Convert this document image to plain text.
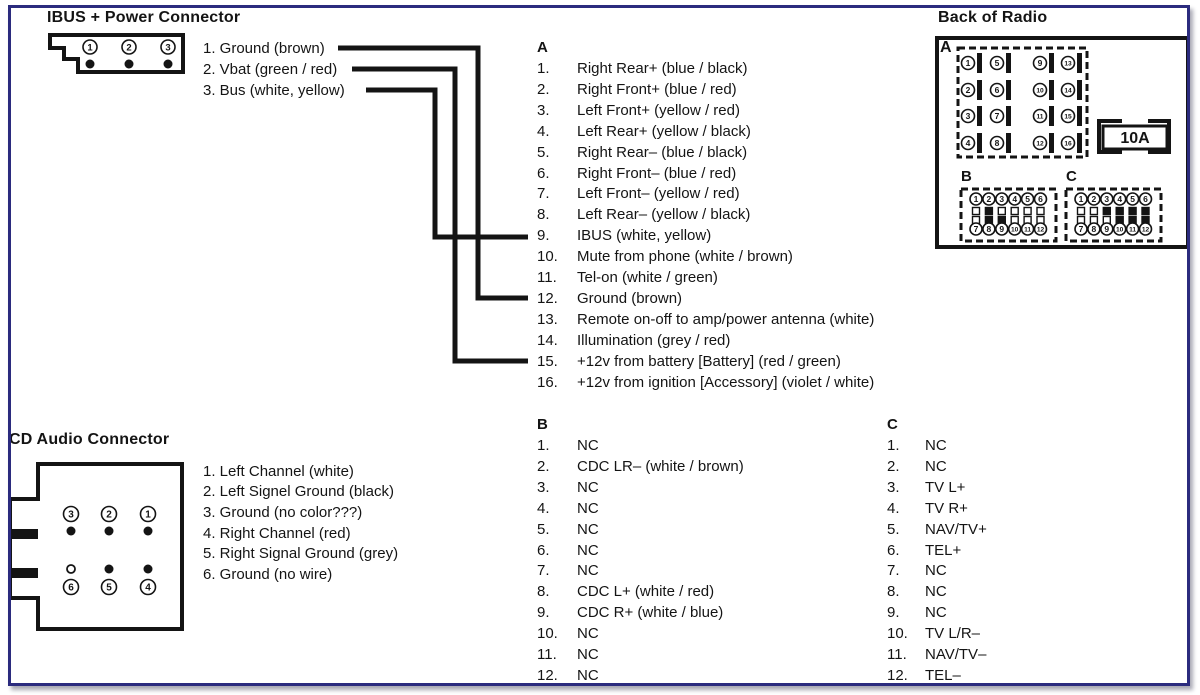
1	2	3
1
2
3
4
5
6
7
8
9
10
11
12
13
14
15
16	10A
1 2 3 4 5 6
7 8 9 10 11 12
1 2 3 4 5 6
7 8 9 10 11 12
3	2	1
6	5	4
IBUS + Power Connector	Back of Radio
CD Audio Connector
1. Ground (brown)
2. Vbat (green / red)
3. Bus (white, yellow)
A
1.	Right Rear+ (blue / black)
2.	Right Front+ (blue / red)
3.	Left Front+ (yellow / red)
4.	Left Rear+ (yellow / black)
5.	Right Rear– (blue / black)
6.	Right Front– (blue / red)
7.	Left Front– (yellow / red)
8.	Left Rear– (yellow / black)
9.	IBUS (white, yellow)
10.	Mute from phone (white / brown)
11.	Tel-on (white / green)
12.	Ground (brown)
13.	Remote on-off to amp/power antenna (white)
14.	Illumination (grey / red)
15.	+12v from battery [Battery] (red / green)
16.	+12v from ignition [Accessory] (violet / white)
B
1.	NC
2.	CDC LR– (white / brown)
3.	NC
4.	NC
5.	NC
6.	NC
7.	NC
8.	CDC L+ (white / red)
9.	CDC R+ (white / blue)
10.	NC
11.	NC
12.	NC
C
1.	NC
2.	NC
3.	TV L+
4.	TV R+
5.	NAV/TV+
6.	TEL+
7.	NC
8.	NC
9.	NC
10.	TV L/R–
11.	NAV/TV–
12.	TEL–
1. Left Channel (white)
2. Left Signel Ground (black)
3. Ground (no color???)
4. Right Channel (red)
5. Right Signal Ground (grey)
6. Ground (no wire)
A
B	C
